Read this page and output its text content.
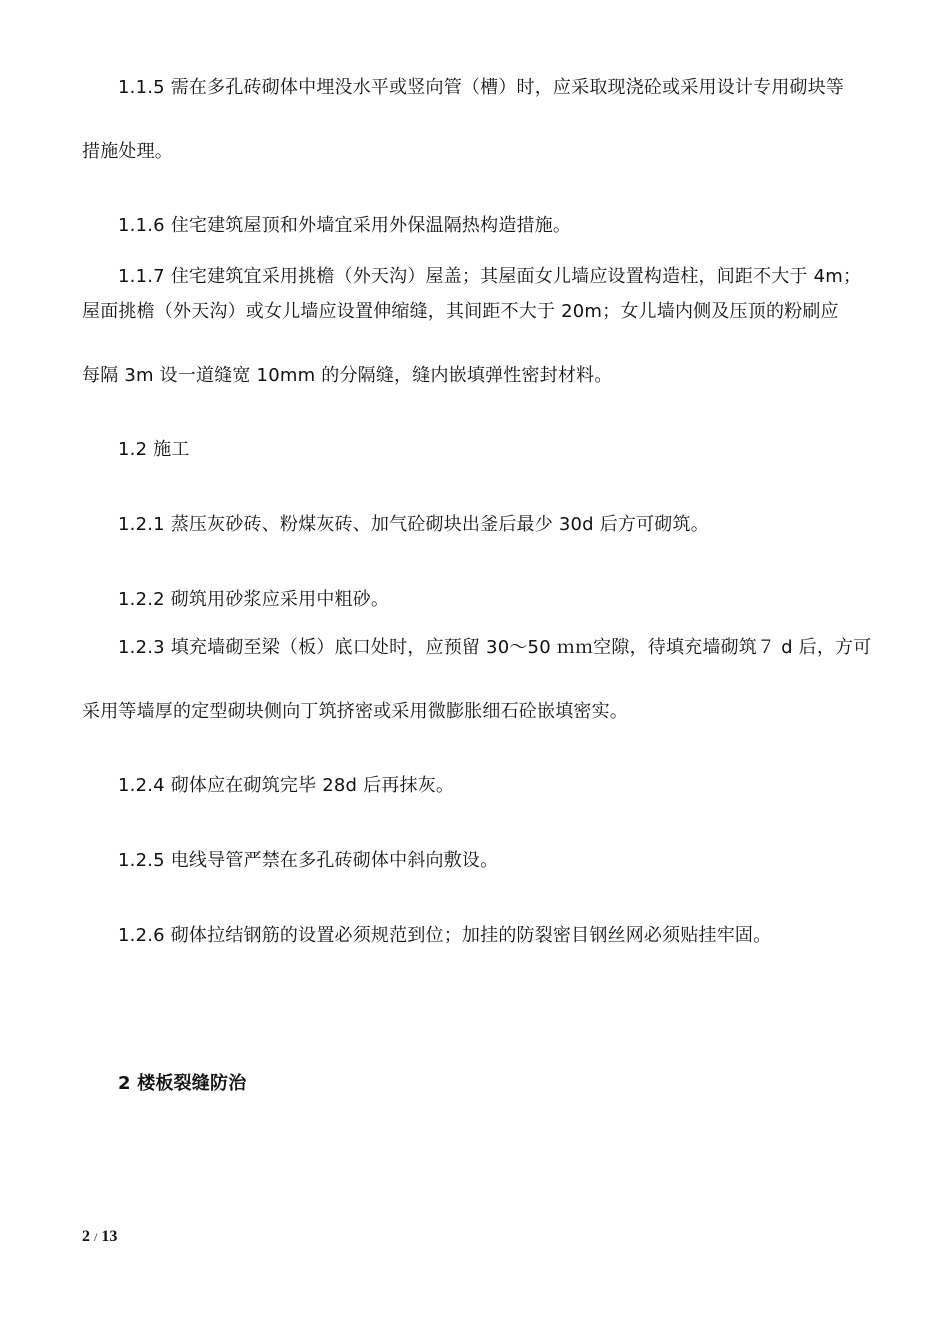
1.1.5 需在多孔砖砌体中埋没水平或竖向管（槽）时，应采取现浇砼或采用设计专用砌块等
措施处理。
1.1.6 住宅建筑屋顶和外墙宜采用外保温隔热构造措施。
1.1.7 住宅建筑宜采用挑檐（外天沟）屋盖；其屋面女儿墙应设置构造柱，间距不大于 4m；
屋面挑檐（外天沟）或女儿墙应设置伸缩缝，其间距不大于 20m；女儿墙内侧及压顶的粉刷应
每隔 3m 设一道缝宽 10mm 的分隔缝，缝内嵌填弹性密封材料。
1.2 施工
1.2.1 蒸压灰砂砖、粉煤灰砖、加气砼砌块出釜后最少 30d 后方可砌筑。
1.2.2 砌筑用砂浆应采用中粗砂。
1.2.3 填充墙砌至梁（板）底口处时，应预留 30～50 ｍｍ空隙，待填充墙砌筑７ d 后，方可
采用等墙厚的定型砌块侧向丁筑挤密或采用微膨胀细石砼嵌填密实。
1.2.4 砌体应在砌筑完毕 28d 后再抹灰。
1.2.5 电线导管严禁在多孔砖砌体中斜向敷设。
1.2.6 砌体拉结钢筋的设置必须规范到位；加挂的防裂密目钢丝网必须贴挂牢固。
2 楼板裂缝防治
2 / 13
